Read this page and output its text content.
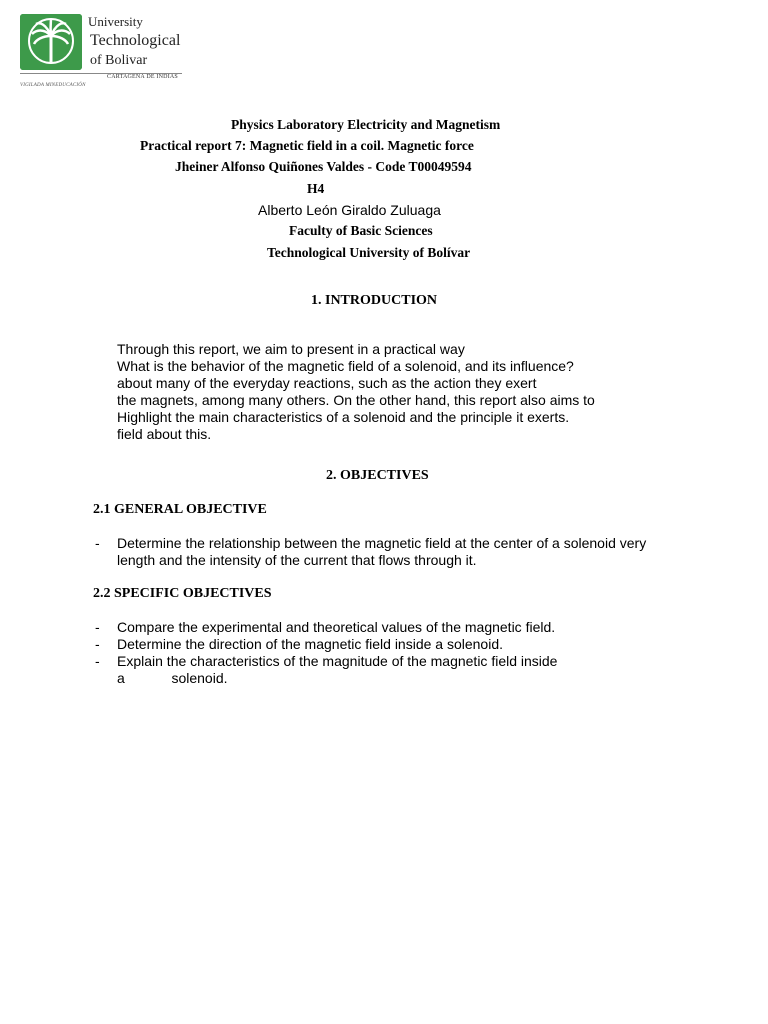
University
Technological
of Bolivar
CARTAGENA DE INDIAS
VIGILADA MINEDUCACIÓN
Physics Laboratory Electricity and Magnetism
Practical report 7: Magnetic field in a coil. Magnetic force
Jheiner Alfonso Quiñones Valdes - Code T00049594
H4
Alberto León Giraldo Zuluaga
Faculty of Basic Sciences
Technological University of Bolívar
1. INTRODUCTION
Through this report, we aim to present in a practical way
What is the behavior of the magnetic field of a solenoid, and its influence?
about many of the everyday reactions, such as the action they exert
the magnets, among many others. On the other hand, this report also aims to
Highlight the main characteristics of a solenoid and the principle it exerts.
field about this.
2. OBJECTIVES
2.1 GENERAL OBJECTIVE
- Determine the relationship between the magnetic field at the center of a solenoid very
length and the intensity of the current that flows through it.
2.2 SPECIFIC OBJECTIVES
- Compare the experimental and theoretical values of the magnetic field.
- Determine the direction of the magnetic field inside a solenoid.
- Explain the characteristics of the magnitude of the magnetic field inside
a            solenoid.
